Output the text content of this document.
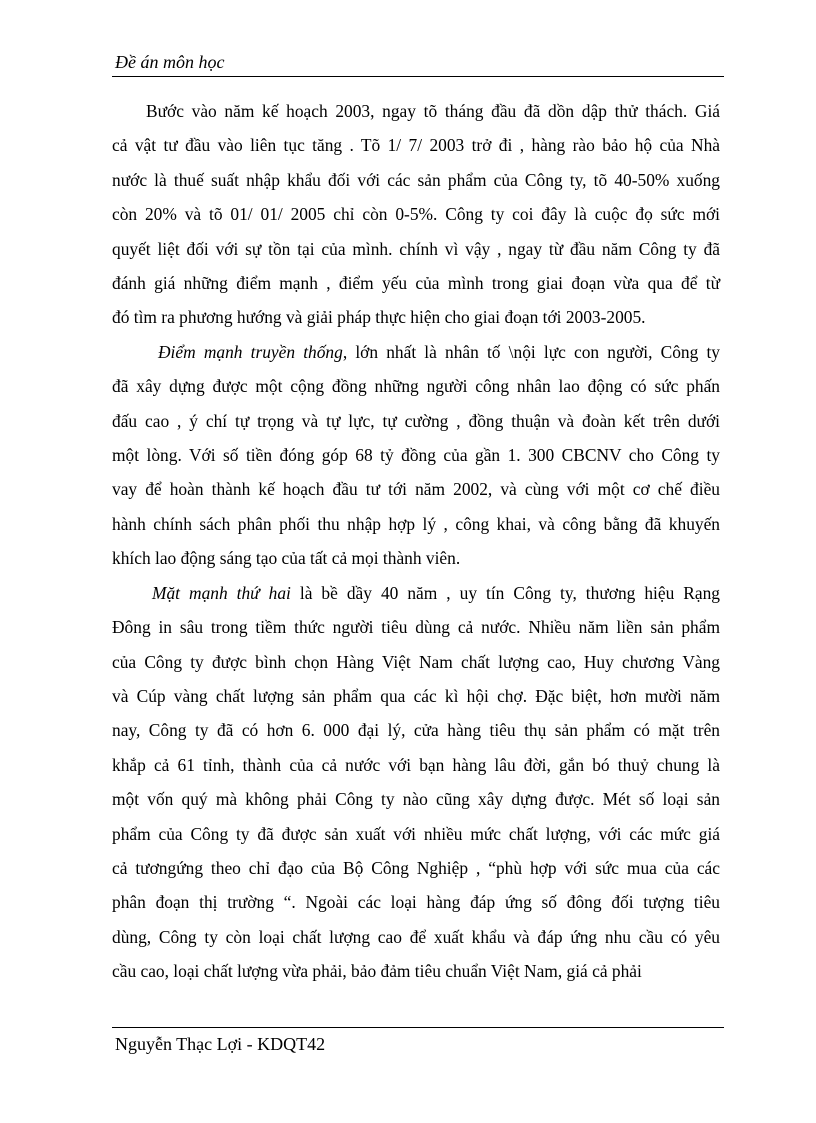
Đề án môn học

Bước vào năm kế hoạch 2003, ngay tõ tháng đầu đã dồn dập thử thách. Giá
cả vật tư đầu vào liên tục tăng . Tõ 1/ 7/ 2003 trở đi , hàng rào bảo hộ của Nhà
nước là thuế suất nhập khẩu đối với các sản phẩm của Công ty, tõ 40-50% xuống
còn 20% và tõ 01/ 01/ 2005 chỉ còn 0-5%. Công ty coi đây là cuộc đọ sức mới
quyết liệt đối với sự tồn tại của mình. chính vì vậy , ngay từ đầu năm Công ty đã
đánh giá những điểm mạnh , điểm yếu của mình trong giai đoạn vừa qua để từ
đó tìm ra phương hướng và giải pháp thực hiện cho giai đoạn tới 2003-2005.

Điểm mạnh truyền thống, lớn nhất là nhân tố \nội lực con người, Công ty
đã xây dựng được một cộng đồng những người công nhân lao động có sức phấn
đấu cao , ý chí tự trọng và tự lực, tự cường , đồng thuận và đoàn kết trên dưới
một lòng. Với số tiền đóng góp 68 tỷ đồng của gần 1. 300 CBCNV cho Công ty
vay để hoàn thành kế hoạch đầu tư tới năm 2002, và cùng với một cơ chế điều
hành chính sách phân phối thu nhập hợp lý , công khai, và công bằng đã khuyến
khích lao động sáng tạo của tất cả mọi thành viên.

Mặt mạnh thứ hai là bề dầy 40 năm , uy tín Công ty, thương hiệu Rạng
Đông in sâu trong tiềm thức người tiêu dùng cả nước. Nhiều năm liền sản phẩm
của Công ty được bình chọn Hàng Việt Nam chất lượng cao, Huy chương Vàng
và Cúp vàng chất lượng sản phẩm qua các kì hội chợ. Đặc biệt, hơn mười năm
nay, Công ty đã có hơn 6. 000 đại lý, cửa hàng tiêu thụ sản phẩm có mặt trên
khắp cả 61 tỉnh, thành của cả nước với bạn hàng lâu đời, gắn bó thuỷ chung là
một vốn quý mà không phải Công ty nào cũng xây dựng được. Mét số loại sản
phẩm của Công ty đã được sản xuất với nhiều mức chất lượng, với các mức giá
cả tươngứng theo chỉ đạo của Bộ Công Nghiệp , “phù hợp với sức mua của các
phân đoạn thị trường “. Ngoài các loại hàng đáp ứng số đông đối tượng tiêu
dùng, Công ty còn loại chất lượng cao để xuất khẩu và đáp ứng nhu cầu có yêu
cầu cao, loại chất lượng vừa phải, bảo đảm tiêu chuẩn Việt Nam, giá cả phải

Nguyễn Thạc Lợi - KDQT42
